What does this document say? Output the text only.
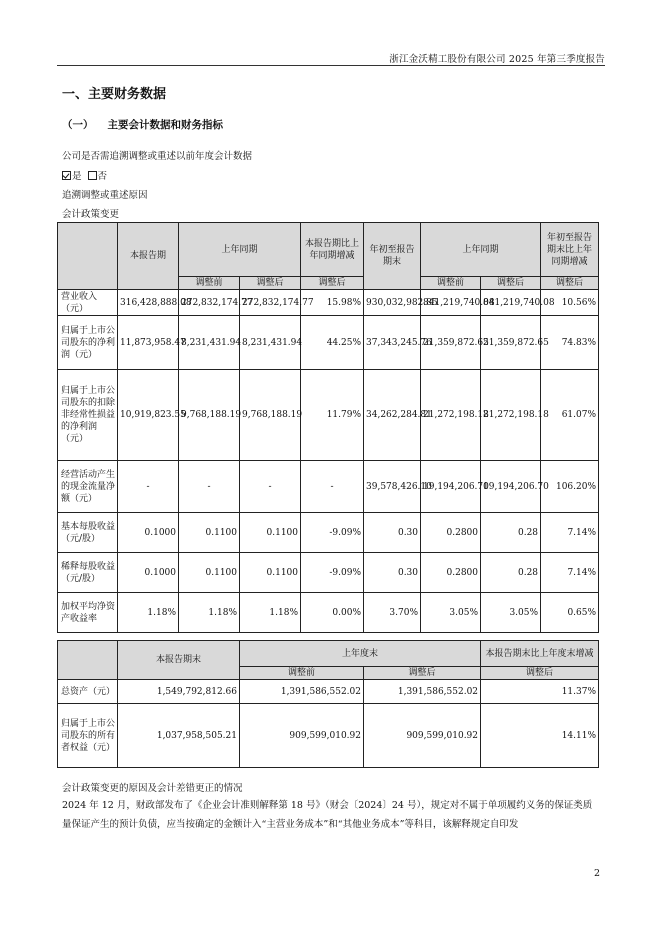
浙江金沃精工股份有限公司 2025 年第三季度报告
一、主要财务数据
（一） 主要会计数据和财务指标
公司是否需追溯调整或重述以前年度会计数据
是 否
追溯调整或重述原因
会计政策变更
	本报告期	上年同期		本报告期比上年同期增减	年初至报告期末	上年同期		年初至报告期末比上年同期增减
		调整前	调整后	调整后		调整前	调整后	调整后
营业收入（元）	316,428,888.08	272,832,174.77	272,832,174.77	15.98%	930,032,982.85	841,219,740.08	841,219,740.08	10.56%
归属于上市公司股东的净利润（元）	11,873,958.47	8,231,431.94	8,231,431.94	44.25%	37,343,245.76	21,359,872.65	21,359,872.65	74.83%
归属于上市公司股东的扣除非经常性损益的净利润（元）	10,919,823.55	9,768,188.19	9,768,188.19	11.79%	34,262,284.81	21,272,198.18	21,272,198.18	61.07%
经营活动产生的现金流量净额（元）	-	-	-	-	39,578,426.10	19,194,206.70	19,194,206.70	106.20%
基本每股收益（元/股）	0.1000	0.1100	0.1100	-9.09%	0.30	0.2800	0.28	7.14%
稀释每股收益（元/股）	0.1000	0.1100	0.1100	-9.09%	0.30	0.2800	0.28	7.14%
加权平均净资产收益率	1.18%	1.18%	1.18%	0.00%	3.70%	3.05%	3.05%	0.65%
	本报告期末	上年度末		本报告期末比上年度末增减
		调整前	调整后	调整后
总资产（元）	1,549,792,812.66	1,391,586,552.02	1,391,586,552.02	11.37%
归属于上市公司股东的所有者权益（元）	1,037,958,505.21	909,599,010.92	909,599,010.92	14.11%
会计政策变更的原因及会计差错更正的情况
2024 年 12 月，财政部发布了《企业会计准则解释第 18 号》（财会〔2024〕24 号），规定对不属于单项履约义务的保证类质量保证产生的预计负债，应当按确定的金额计入“主营业务成本”和“其他业务成本”等科目，该解释规定自印发
2
